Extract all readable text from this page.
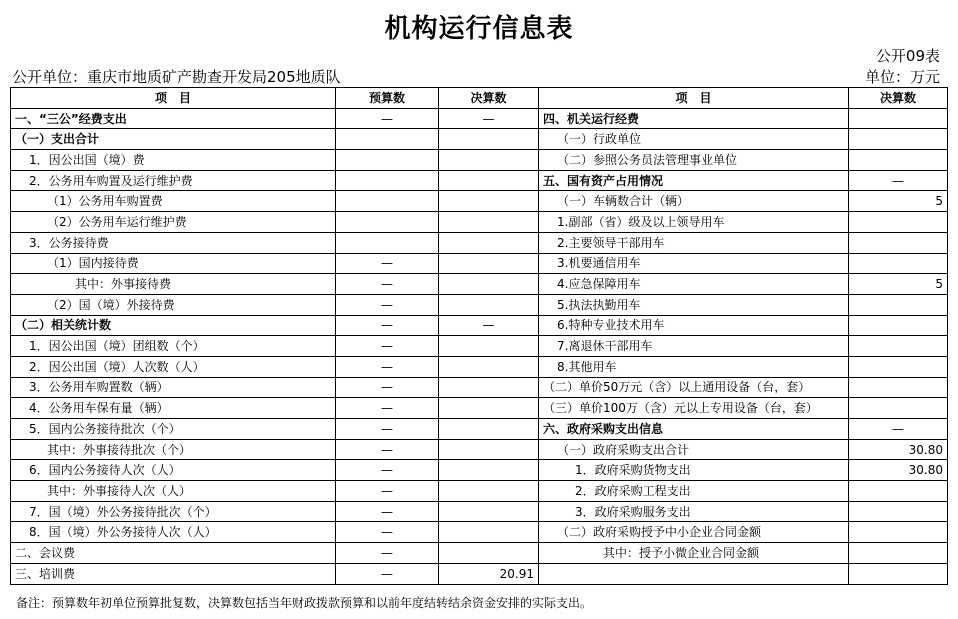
机构运行信息表
公开09表
公开单位：重庆市地质矿产勘查开发局205地质队	单位：万元
项　目	预算数	决算数	项　目	决算数
一、“三公”经费支出	—	—	四、机关运行经费	
（一）支出合计			（一）行政单位	
1．因公出国（境）费			（二）参照公务员法管理事业单位	
2．公务用车购置及运行维护费			五、国有资产占用情况	—
（1）公务用车购置费			（一）车辆数合计（辆）	5
（2）公务用车运行维护费			1.副部（省）级及以上领导用车	
3．公务接待费			2.主要领导干部用车	
（1）国内接待费	—		3.机要通信用车	
其中：外事接待费	—		4.应急保障用车	5
（2）国（境）外接待费	—		5.执法执勤用车	
（二）相关统计数	—	—	6.特种专业技术用车	
1．因公出国（境）团组数（个）	—		7.离退休干部用车	
2．因公出国（境）人次数（人）	—		8.其他用车	
3．公务用车购置数（辆）	—		（二）单价50万元（含）以上通用设备（台，套）	
4．公务用车保有量（辆）	—		（三）单价100万（含）元以上专用设备（台，套）	
5．国内公务接待批次（个）	—		六、政府采购支出信息	—
其中：外事接待批次（个）	—		（一）政府采购支出合计	30.80
6．国内公务接待人次（人）	—		1．政府采购货物支出	30.80
其中：外事接待人次（人）	—		2．政府采购工程支出	
7．国（境）外公务接待批次（个）	—		3．政府采购服务支出	
8．国（境）外公务接待人次（人）	—		（二）政府采购授予中小企业合同金额	
二、会议费	—		其中：授予小微企业合同金额	
三、培训费	—	20.91		
备注：预算数年初单位预算批复数，决算数包括当年财政拨款预算和以前年度结转结余资金安排的实际支出。
